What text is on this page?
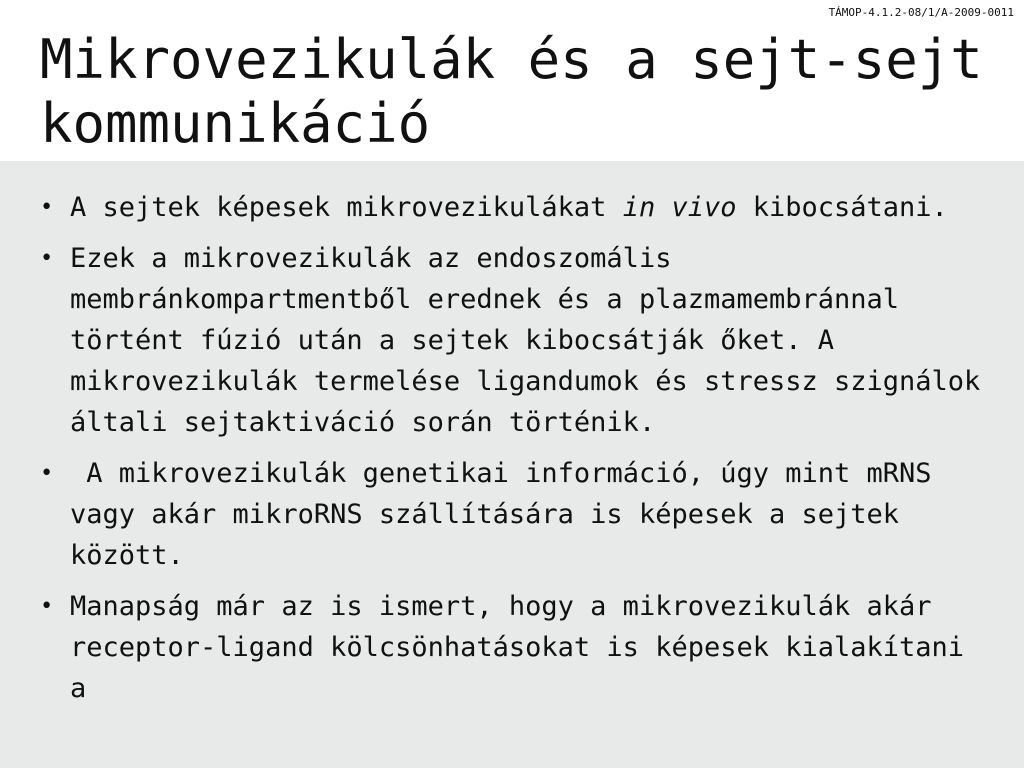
TÁMOP-4.1.2-08/1/A-2009-0011
Mikrovezikulák és a sejt-sejt kommunikáció
• A sejtek képesek mikrovezikulákat in vivo kibocsátani.
• Ezek a mikrovezikulák az endoszomális membránkompartmentből erednek és a plazmamembránnal történt fúzió után a sejtek kibocsátják őket. A mikrovezikulák termelése ligandumok és stressz szignálok általi sejtaktiváció során történik.
• A mikrovezikulák genetikai információ, úgy mint mRNS vagy akár mikroRNS szállítására is képesek a sejtek között.
• Manapság már az is ismert, hogy a mikrovezikulák akár receptor-ligand kölcsönhatásokat is képesek kialakítani a
